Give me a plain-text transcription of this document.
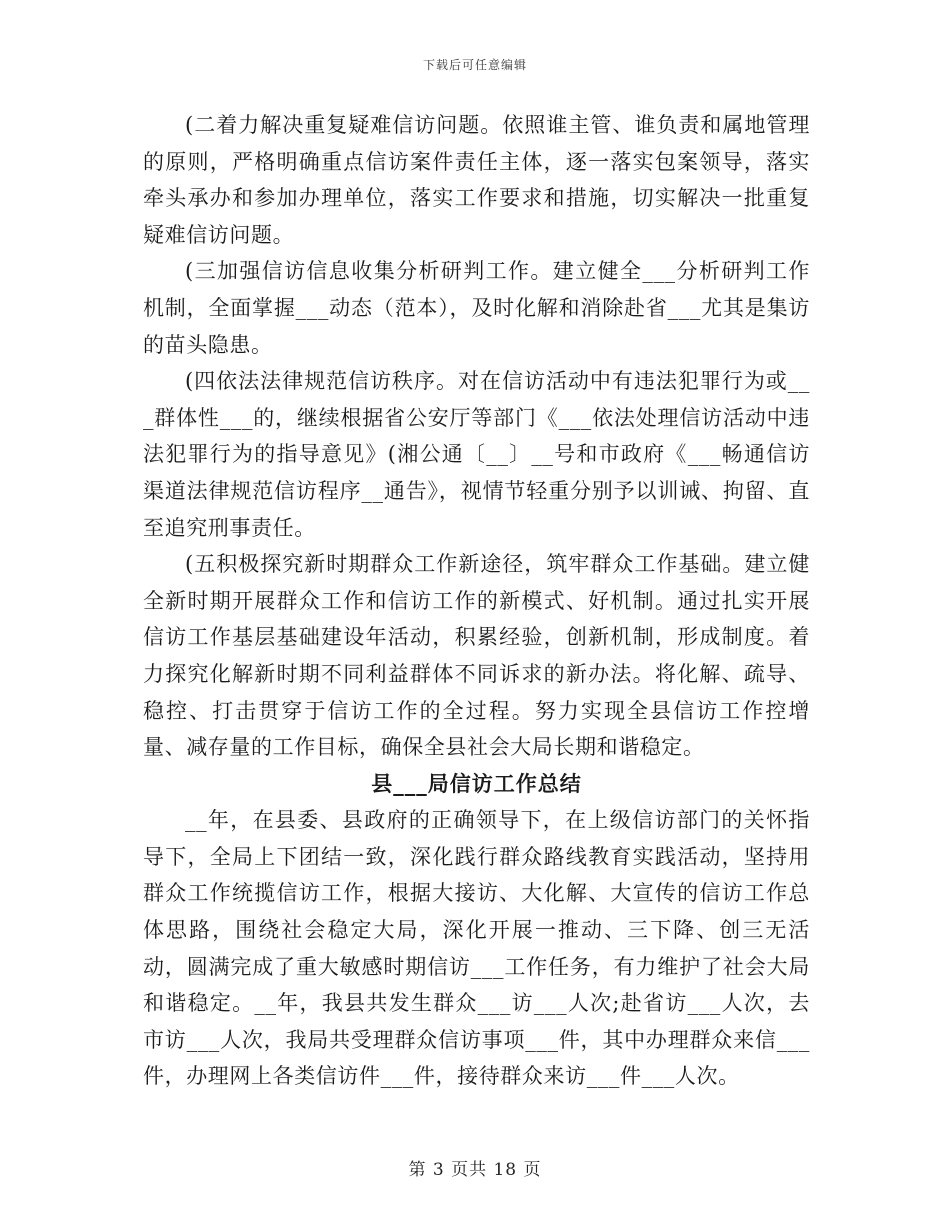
下载后可任意编辑

(二着力解决重复疑难信访问题。依照谁主管、谁负责和属地管理的原则，严格明确重点信访案件责任主体，逐一落实包案领导，落实牵头承办和参加办理单位，落实工作要求和措施，切实解决一批重复疑难信访问题。

(三加强信访信息收集分析研判工作。建立健全___分析研判工作机制，全面掌握___动态（范本），及时化解和消除赴省___尤其是集访的苗头隐患。

(四依法法律规范信访秩序。对在信访活动中有违法犯罪行为或___群体性___的，继续根据省公安厅等部门《___依法处理信访活动中违法犯罪行为的指导意见》(湘公通〔__〕__号和市政府《___畅通信访渠道法律规范信访程序__通告》，视情节轻重分别予以训诫、拘留、直至追究刑事责任。

(五积极探究新时期群众工作新途径，筑牢群众工作基础。建立健全新时期开展群众工作和信访工作的新模式、好机制。通过扎实开展信访工作基层基础建设年活动，积累经验，创新机制，形成制度。着力探究化解新时期不同利益群体不同诉求的新办法。将化解、疏导、稳控、打击贯穿于信访工作的全过程。努力实现全县信访工作控增量、减存量的工作目标，确保全县社会大局长期和谐稳定。

县___局信访工作总结

__年，在县委、县政府的正确领导下，在上级信访部门的关怀指导下，全局上下团结一致，深化践行群众路线教育实践活动，坚持用群众工作统揽信访工作，根据大接访、大化解、大宣传的信访工作总体思路，围绕社会稳定大局，深化开展一推动、三下降、创三无活动，圆满完成了重大敏感时期信访___工作任务，有力维护了社会大局和谐稳定。__年，我县共发生群众___访___人次;赴省访___人次，去市访___人次，我局共受理群众信访事项___件，其中办理群众来信___件，办理网上各类信访件___件，接待群众来访___件___人次。

第 3 页共 18 页
